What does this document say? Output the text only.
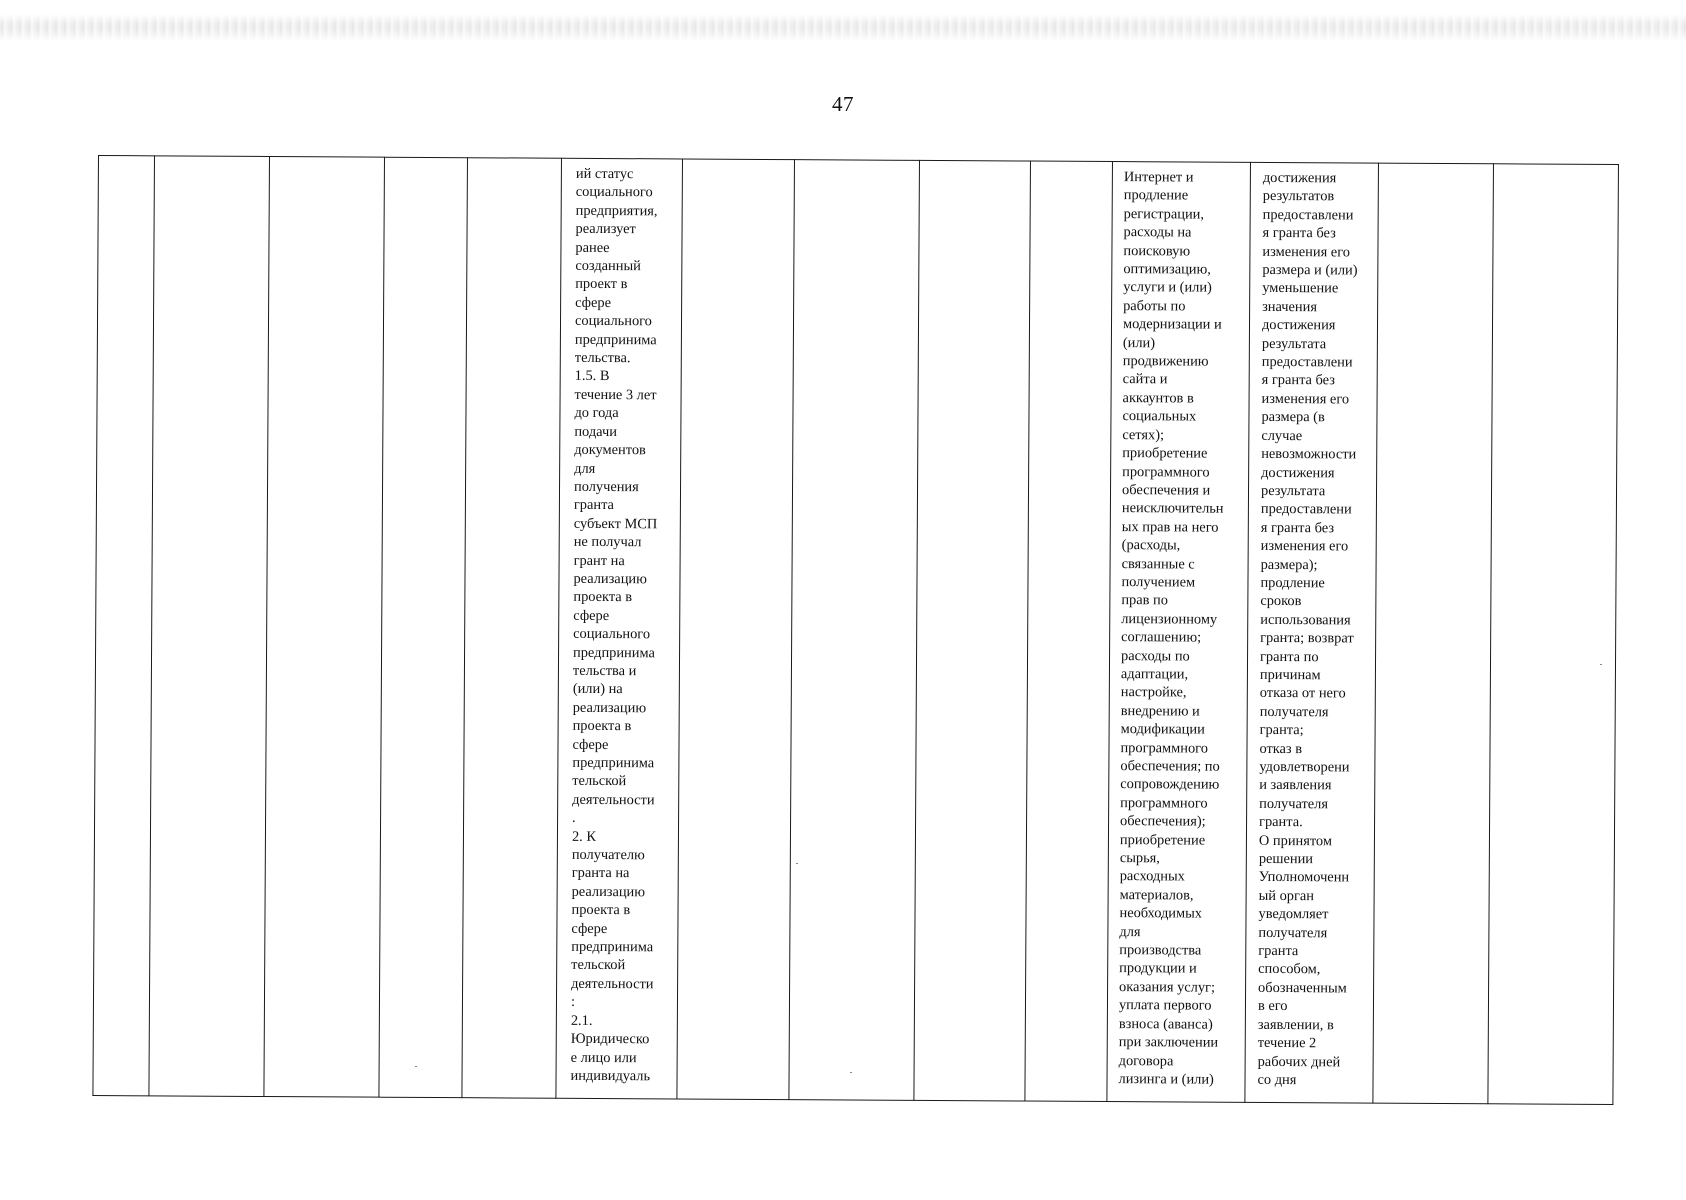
47

ий статус
социального
предприятия,
реализует
ранее
созданный
проект в
сфере
социального
предпринима
тельства.
1.5. В
течение 3 лет
до года
подачи
документов
для
получения
гранта
субъект МСП
не получал
грант на
реализацию
проекта в
сфере
социального
предпринима
тельства и
(или) на
реализацию
проекта в
сфере
предпринима
тельской
деятельности
.
2. К
получателю
гранта на
реализацию
проекта в
сфере
предпринима
тельской
деятельности
:
2.1.
Юридическо
е лицо или
индивидуаль

Интернет и
продление
регистрации,
расходы на
поисковую
оптимизацию,
услуги и (или)
работы по
модернизации и
(или)
продвижению
сайта и
аккаунтов в
социальных
сетях);
приобретение
программного
обеспечения и
неисключительн
ых прав на него
(расходы,
связанные с
получением
прав по
лицензионному
соглашению;
расходы по
адаптации,
настройке,
внедрению и
модификации
программного
обеспечения; по
сопровождению
программного
обеспечения);
приобретение
сырья,
расходных
материалов,
необходимых
для
производства
продукции и
оказания услуг;
уплата первого
взноса (аванса)
при заключении
договора
лизинга и (или)

достижения
результатов
предоставлени
я гранта без
изменения его
размера и (или)
уменьшение
значения
достижения
результата
предоставлени
я гранта без
изменения его
размера (в
случае
невозможности
достижения
результата
предоставлени
я гранта без
изменения его
размера);
продление
сроков
использования
гранта; возврат
гранта по
причинам
отказа от него
получателя
гранта;
отказ в
удовлетворени
и заявления
получателя
гранта.
О принятом
решении
Уполномоченн
ый орган
уведомляет
получателя
гранта
способом,
обозначенным
в его
заявлении, в
течение 2
рабочих дней
со дня
